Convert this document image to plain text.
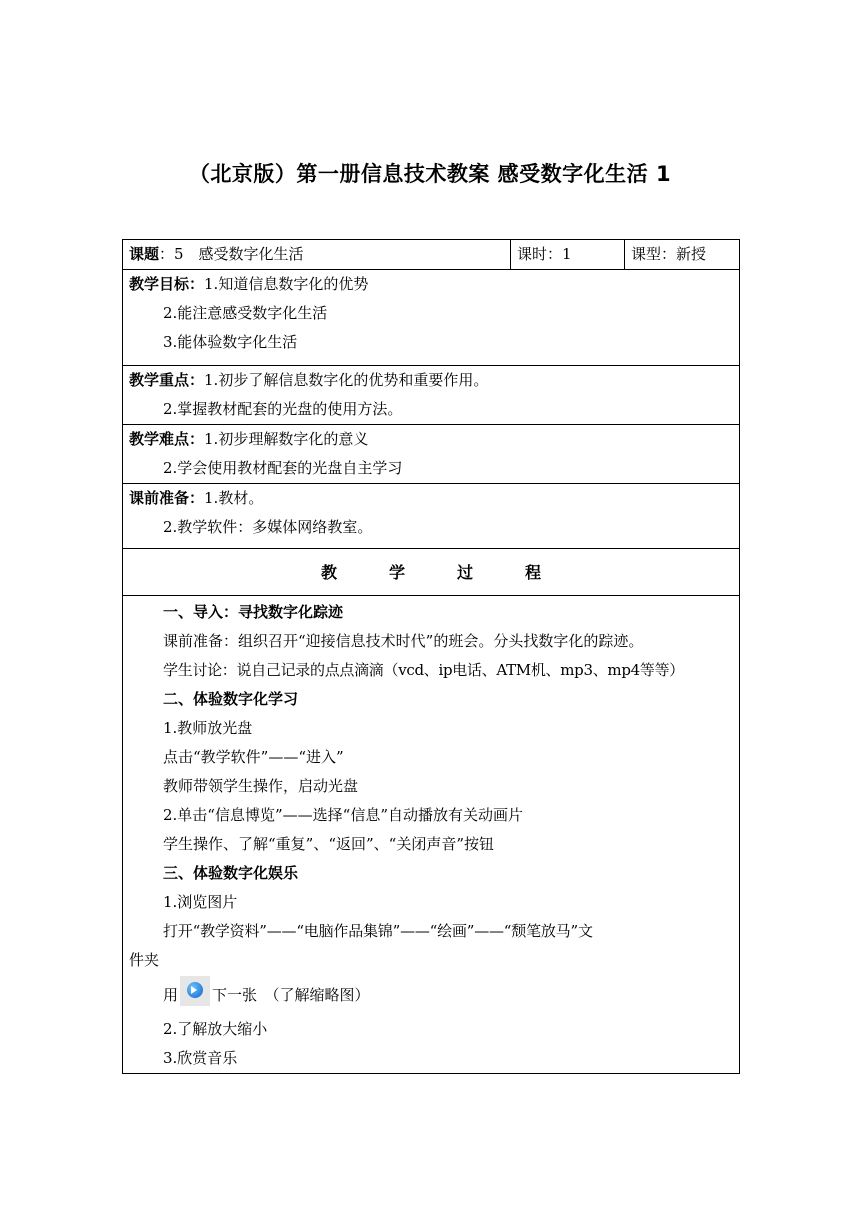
（北京版）第一册信息技术教案 感受数字化生活 1
课题：5　感受数字化生活	课时：1	课型：新授

教学目标：1.知道信息数字化的优势
2.能注意感受数字化生活
3.能体验数字化生活

教学重点：1.初步了解信息数字化的优势和重要作用。
2.掌握教材配套的光盘的使用方法。

教学难点：1.初步理解数字化的意义
2.学会使用教材配套的光盘自主学习

课前准备：1.教材。
2.教学软件：多媒体网络教室。

教	学	过	程

一、导入：寻找数字化踪迹
课前准备：组织召开“迎接信息技术时代”的班会。分头找数字化的踪迹。
学生讨论：说自己记录的点点滴滴（vcd、ip电话、ATM机、mp3、mp4等等）
二、体验数字化学习
1.教师放光盘
点击“教学软件”——“进入”
教师带领学生操作，启动光盘
2.单击“信息博览”——选择“信息”自动播放有关动画片
学生操作、了解“重复”、“返回”、“关闭声音”按钮
三、体验数字化娱乐
1.浏览图片
打开“教学资料”——“电脑作品集锦”——“绘画”——“颓笔放马”文
件夹
用 下一张　（了解缩略图）
2.了解放大缩小
3.欣赏音乐
